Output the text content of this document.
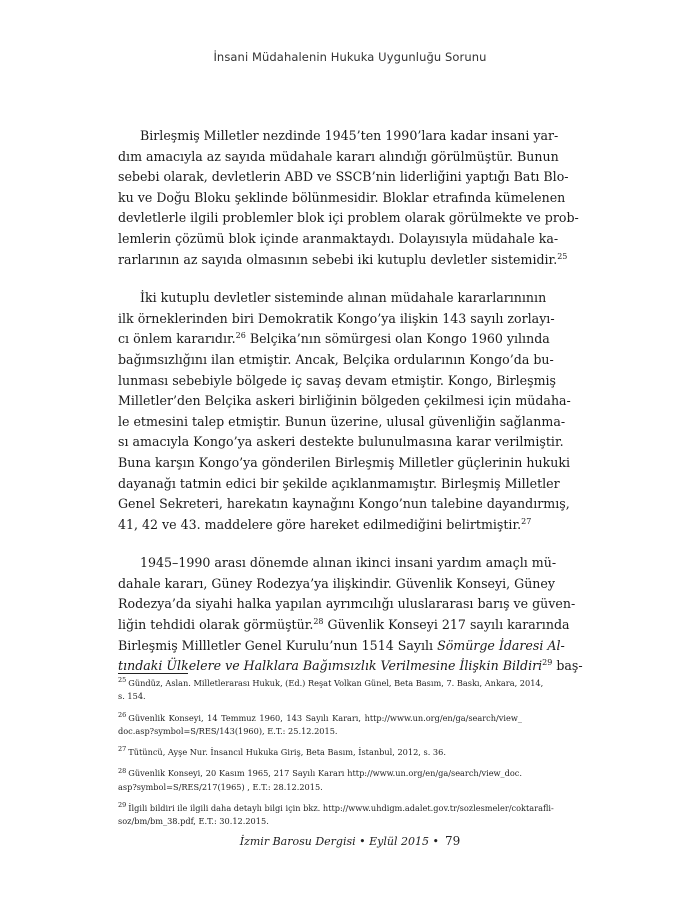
İnsani Müdahalenin Hukuka Uygunluğu Sorunu
Birleşmiş Milletler nezdinde 1945’ten 1990’lara kadar insani yar-
dım amacıyla az sayıda müdahale kararı alındığı görülmüştür. Bunun
sebebi olarak, devletlerin ABD ve SSCB’nin liderliğini yaptığı Batı Blo-
ku ve Doğu Bloku şeklinde bölünmesidir. Bloklar etrafında kümelenen
devletlerle ilgili problemler blok içi problem olarak görülmekte ve prob-
lemlerin çözümü blok içinde aranmaktaydı. Dolayısıyla müdahale ka-
rarlarının az sayıda olmasının sebebi iki kutuplu devletler sistemidir.$^{25}$
İki kutuplu devletler sisteminde alınan müdahale kararlarınının
ilk örneklerinden biri Demokratik Kongo’ya ilişkin 143 sayılı zorlayı-
cı önlem kararıdır.$^{26}$ Belçika’nın sömürgesi olan Kongo 1960 yılında
bağımsızlığını ilan etmiştir. Ancak, Belçika ordularının Kongo’da bu-
lunması sebebiyle bölgede iç savaş devam etmiştir. Kongo, Birleşmiş
Milletler’den Belçika askeri birliğinin bölgeden çekilmesi için müdaha-
le etmesini talep etmiştir. Bunun üzerine, ulusal güvenliğin sağlanma-
sı amacıyla Kongo’ya askeri destekte bulunulmasına karar verilmiştir.
Buna karşın Kongo’ya gönderilen Birleşmiş Milletler güçlerinin hukuki
dayanağı tatmin edici bir şekilde açıklanmamıştır. Birleşmiş Milletler
Genel Sekreteri, harekatın kaynağını Kongo’nun talebine dayandırmış,
41, 42 ve 43. maddelere göre hareket edilmediğini belirtmiştir.$^{27}$
1945–1990 arası dönemde alınan ikinci insani yardım amaçlı mü-
dahale kararı, Güney Rodezya’ya ilişkindir. Güvenlik Konseyi, Güney
Rodezya’da siyahi halka yapılan ayrımcılığı uluslararası barış ve güven-
liğin tehdidi olarak görmüştür.$^{28}$ Güvenlik Konseyi 217 sayılı kararında
Birleşmiş Millletler Genel Kurulu’nun 1514 Sayılı Sömürge İdaresi Al-
tındaki Ülkelere ve Halklara Bağımsızlık Verilmesine İlişkin Bildiri$^{29}$ baş-
$^{25}$ Gündüz, Aslan. Milletlerarası Hukuk, (Ed.) Reşat Volkan Günel, Beta Basım, 7. Baskı, Ankara, 2014,
s. 154.
$^{26}$ Güvenlik Konseyi, 14 Temmuz 1960, 143 Sayılı Kararı, http://www.un.org/en/ga/search/view_
doc.asp?symbol=S/RES/143(1960), E.T.: 25.12.2015.
$^{27}$ Tütüncü, Ayşe Nur. İnsancıl Hukuka Giriş, Beta Basım, İstanbul, 2012, s. 36.
$^{28}$ Güvenlik Konseyi, 20 Kasım 1965, 217 Sayılı Kararı http://www.un.org/en/ga/search/view_doc.
asp?symbol=S/RES/217(1965) , E.T.: 28.12.2015.
$^{29}$ İlgili bildiri ile ilgili daha detaylı bilgi için bkz. http://www.uhdigm.adalet.gov.tr/sozlesmeler/coktarafli-
soz/bm/bm_38.pdf, E.T.: 30.12.2015.
İzmir Barosu Dergisi • Eylül 2015 • 79
